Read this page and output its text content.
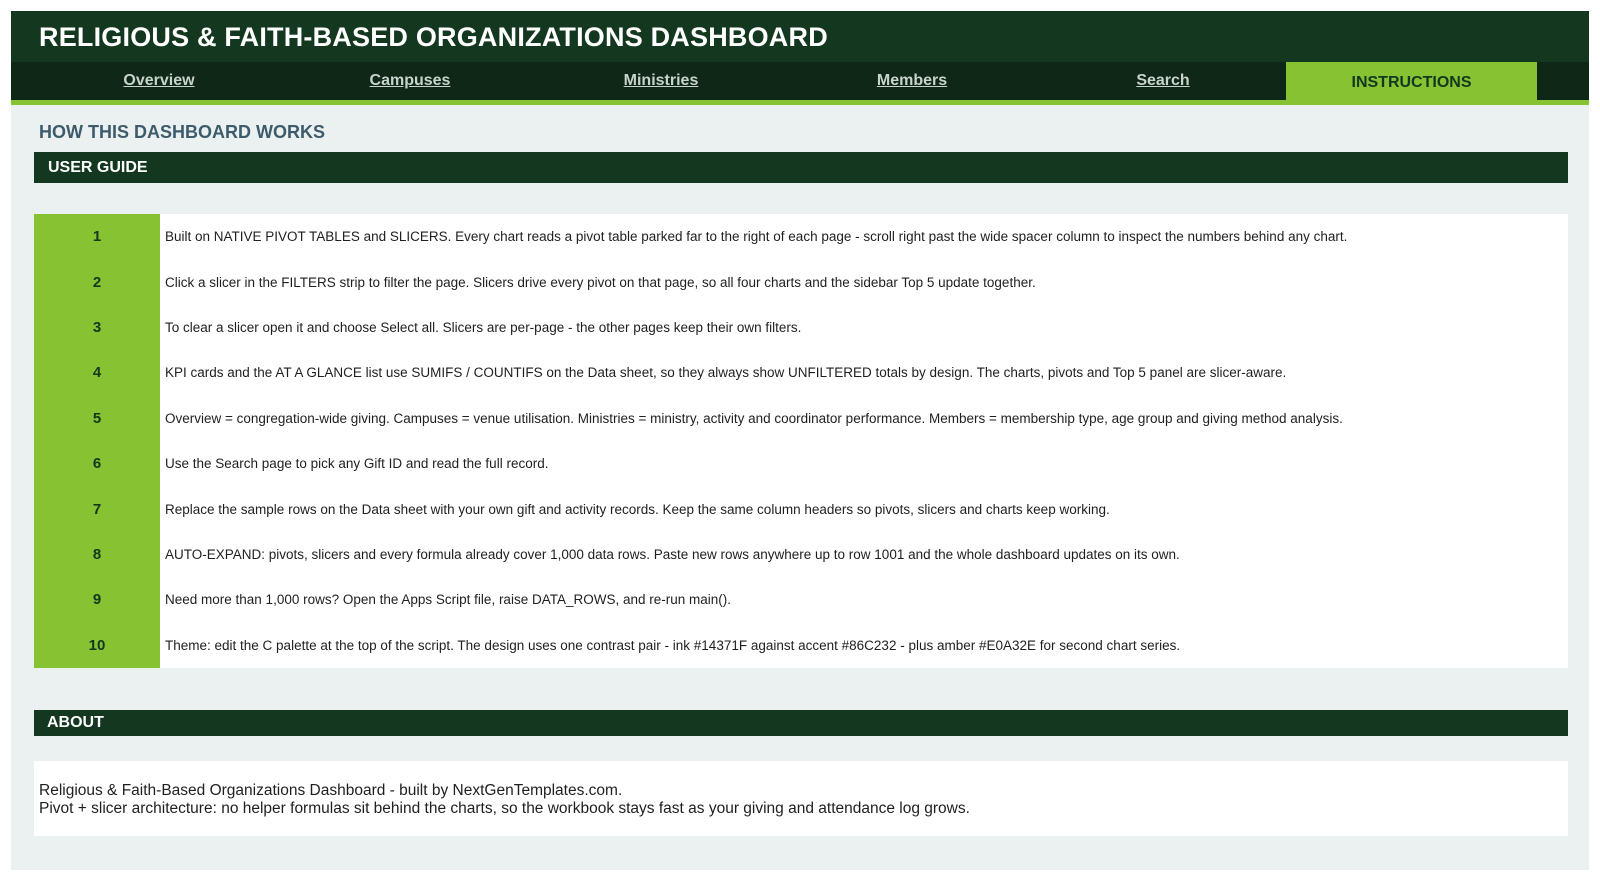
RELIGIOUS & FAITH-BASED ORGANIZATIONS DASHBOARD
Overview	Campuses	Ministries	Members	Search	INSTRUCTIONS
HOW THIS DASHBOARD WORKS
USER GUIDE
1	Built on NATIVE PIVOT TABLES and SLICERS. Every chart reads a pivot table parked far to the right of each page - scroll right past the wide spacer column to inspect the numbers behind any chart.
2	Click a slicer in the FILTERS strip to filter the page. Slicers drive every pivot on that page, so all four charts and the sidebar Top 5 update together.
3	To clear a slicer open it and choose Select all. Slicers are per-page - the other pages keep their own filters.
4	KPI cards and the AT A GLANCE list use SUMIFS / COUNTIFS on the Data sheet, so they always show UNFILTERED totals by design. The charts, pivots and Top 5 panel are slicer-aware.
5	Overview = congregation-wide giving. Campuses = venue utilisation. Ministries = ministry, activity and coordinator performance. Members = membership type, age group and giving method analysis.
6	Use the Search page to pick any Gift ID and read the full record.
7	Replace the sample rows on the Data sheet with your own gift and activity records. Keep the same column headers so pivots, slicers and charts keep working.
8	AUTO-EXPAND: pivots, slicers and every formula already cover 1,000 data rows. Paste new rows anywhere up to row 1001 and the whole dashboard updates on its own.
9	Need more than 1,000 rows? Open the Apps Script file, raise DATA_ROWS, and re-run main().
10	Theme: edit the C palette at the top of the script. The design uses one contrast pair - ink #14371F against accent #86C232 - plus amber #E0A32E for second chart series.
ABOUT
Religious & Faith-Based Organizations Dashboard - built by NextGenTemplates.com.
Pivot + slicer architecture: no helper formulas sit behind the charts, so the workbook stays fast as your giving and attendance log grows.
